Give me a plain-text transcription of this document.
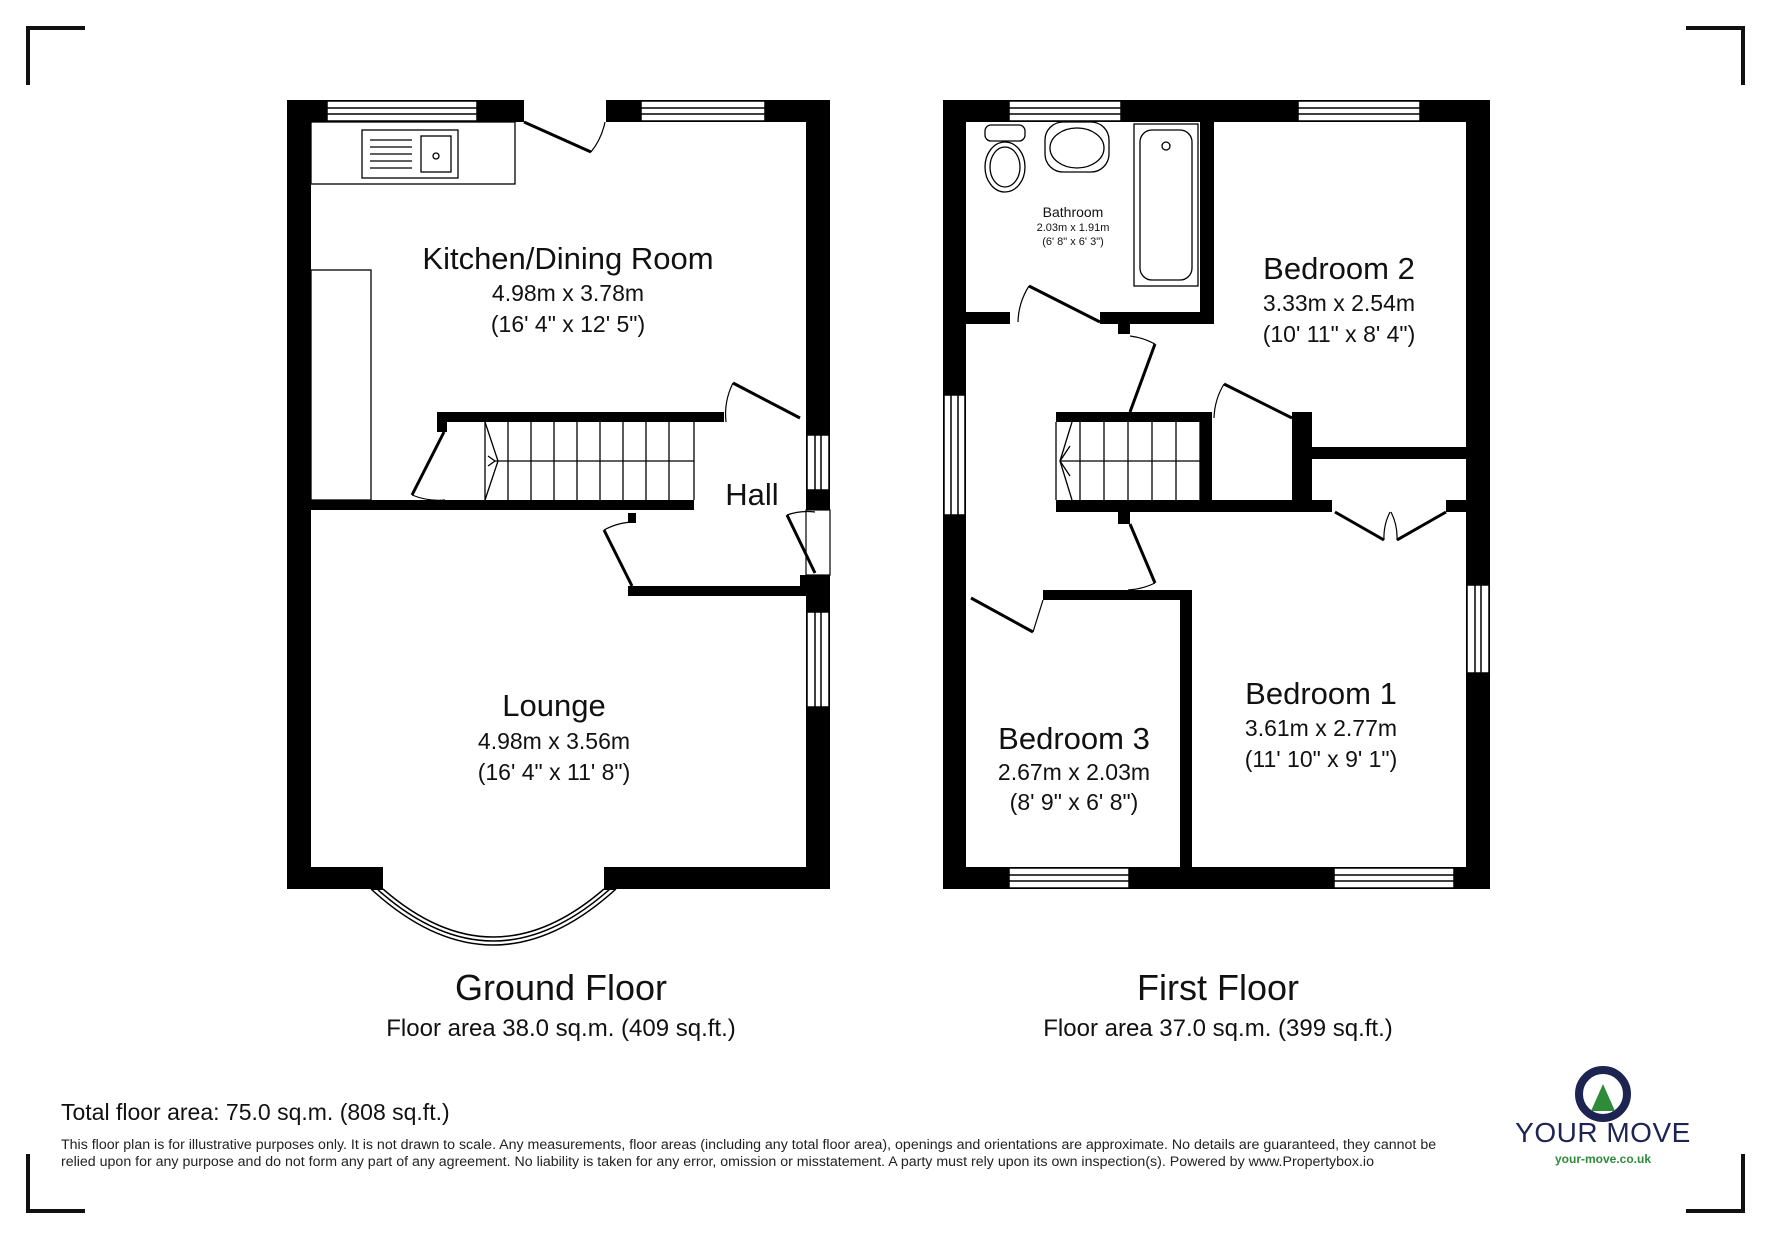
Kitchen/Dining Room
4.98m x 3.78m
(16' 4" x 12' 5")
Hall
Lounge
4.98m x 3.56m
(16' 4" x 11' 8")
Ground Floor
Floor area 38.0 sq.m. (409 sq.ft.)
Bathroom
2.03m x 1.91m
(6' 8" x 6' 3")
Bedroom 2
3.33m x 2.54m
(10' 11" x 8' 4")
Bedroom 1
3.61m x 2.77m
(11' 10" x 9' 1")
Bedroom 3
2.67m x 2.03m
(8' 9" x 6' 8")
First Floor
Floor area 37.0 sq.m. (399 sq.ft.)
Total floor area: 75.0 sq.m. (808 sq.ft.)
YOUR MOVE
your-move.co.uk
This floor plan is for illustrative purposes only. It is not drawn to scale. Any measurements, floor areas (including any total floor area), openings and orientations are approximate. No details are guaranteed, they cannot be relied upon for any purpose and do not form any part of any agreement. No liability is taken for any error, omission or misstatement. A party must rely upon its own inspection(s). Powered by www.Propertybox.io
